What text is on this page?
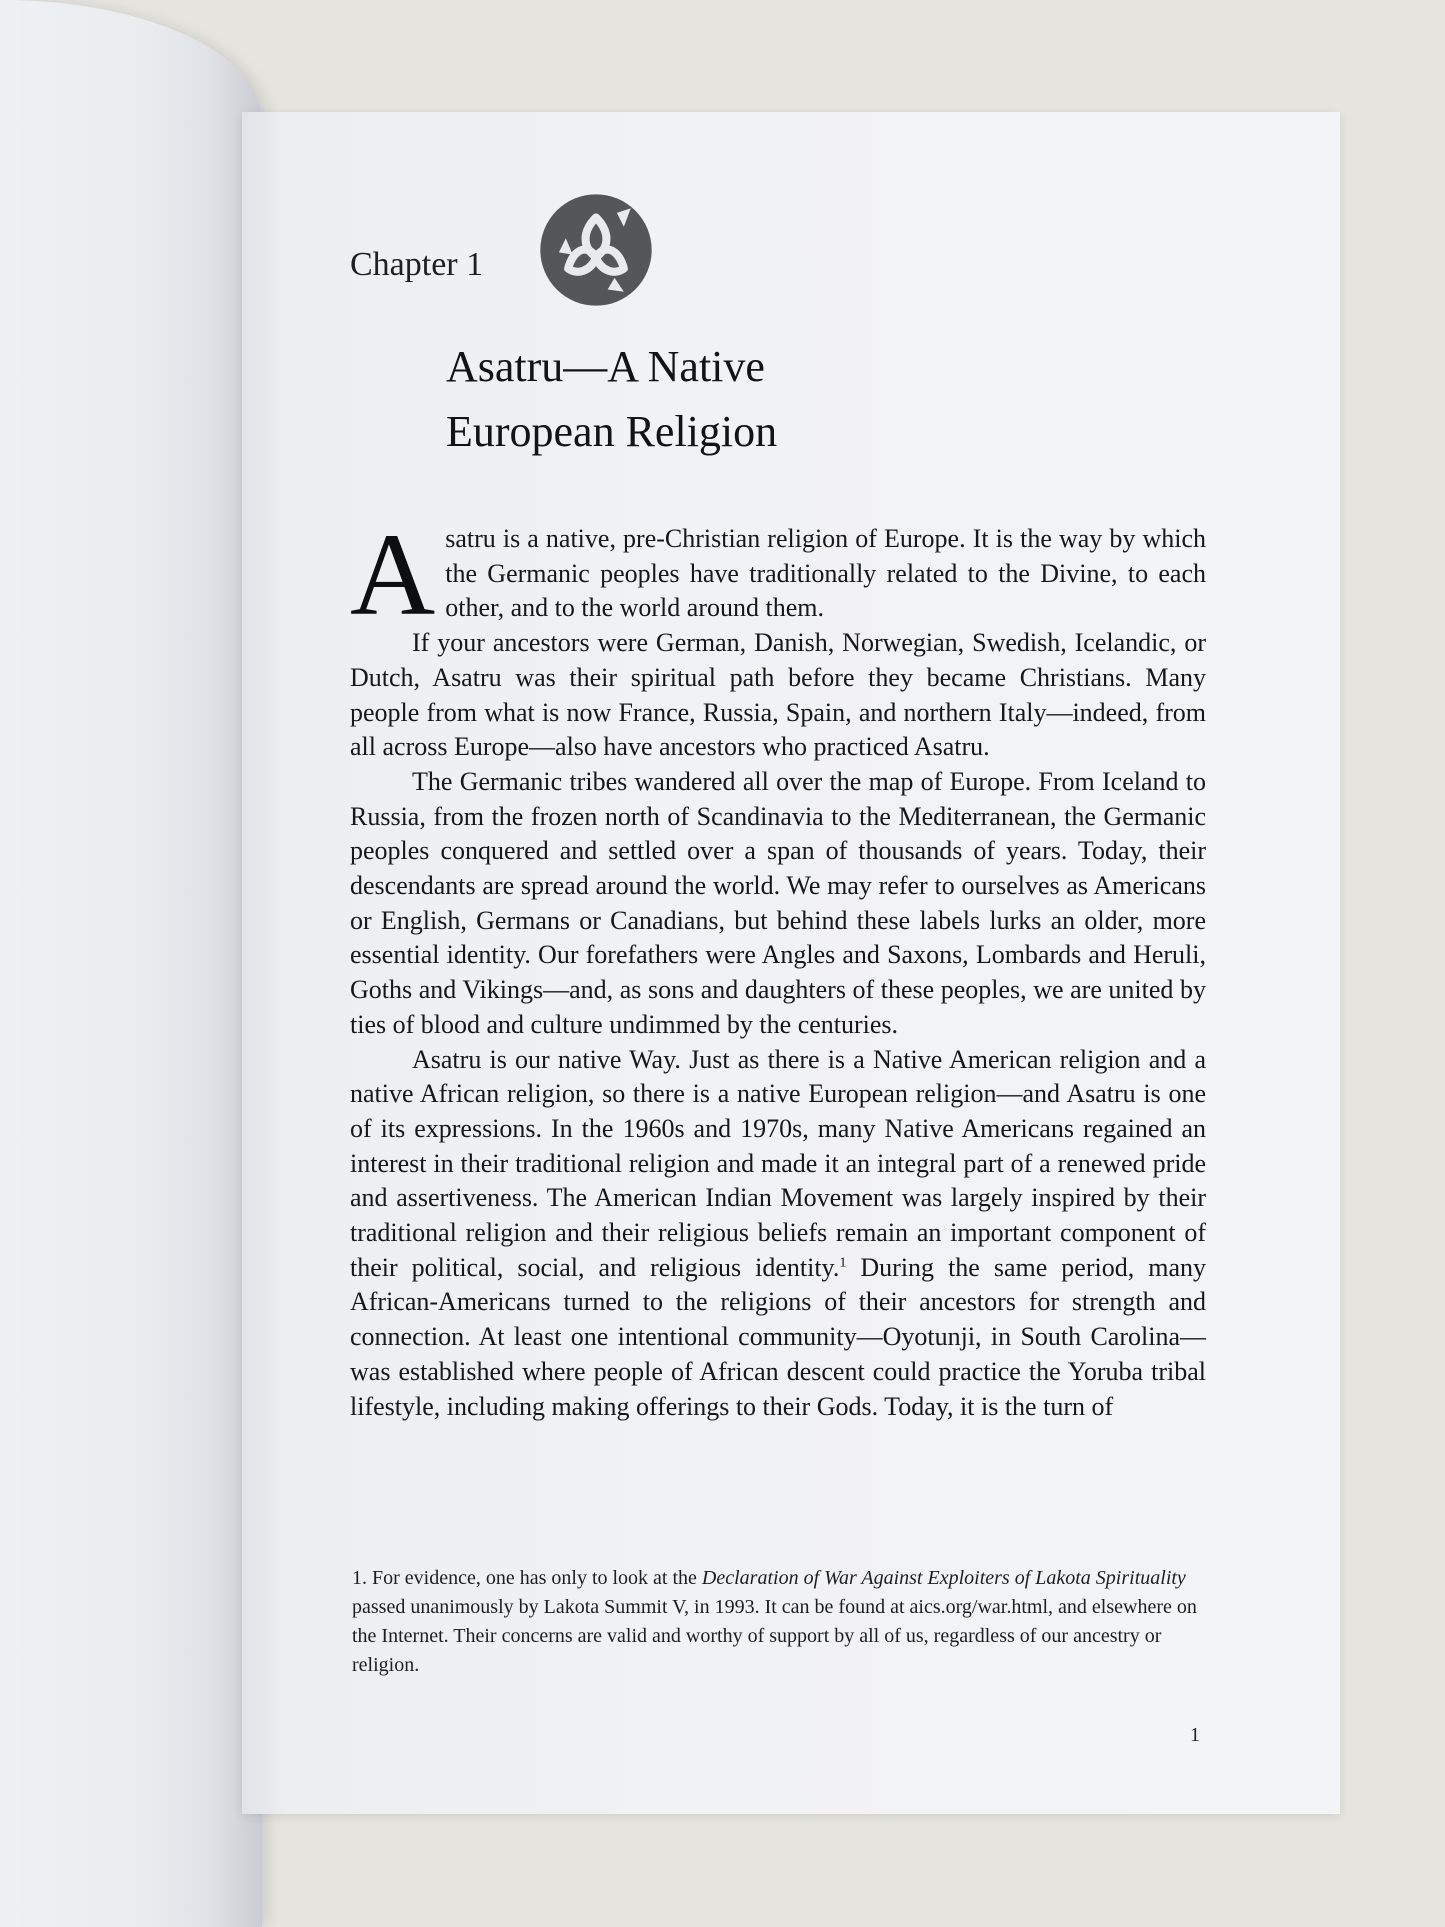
Chapter 1
Asatru—A Native
European Religion

Asatru is a native, pre-Christian religion of Europe. It is the way by which the Germanic peoples have traditionally related to the Divine, to each other, and to the world around them.

If your ancestors were German, Danish, Norwegian, Swedish, Icelandic, or Dutch, Asatru was their spiritual path before they became Christians. Many people from what is now France, Russia, Spain, and northern Italy—indeed, from all across Europe—also have ancestors who practiced Asatru.

The Germanic tribes wandered all over the map of Europe. From Iceland to Russia, from the frozen north of Scandinavia to the Mediterranean, the Germanic peoples conquered and settled over a span of thousands of years. Today, their descendants are spread around the world. We may refer to ourselves as Americans or English, Germans or Canadians, but behind these labels lurks an older, more essential identity. Our forefathers were Angles and Saxons, Lombards and Heruli, Goths and Vikings—and, as sons and daughters of these peoples, we are united by ties of blood and culture undimmed by the centuries.

Asatru is our native Way. Just as there is a Native American religion and a native African religion, so there is a native European religion—and Asatru is one of its expressions. In the 1960s and 1970s, many Native Americans regained an interest in their traditional religion and made it an integral part of a renewed pride and assertiveness. The American Indian Movement was largely inspired by their traditional religion and their religious beliefs remain an important component of their political, social, and religious identity.$^1$ During the same period, many African-Americans turned to the religions of their ancestors for strength and connection. At least one intentional community—Oyotunji, in South Carolina—was established where people of African descent could practice the Yoruba tribal lifestyle, including making offerings to their Gods. Today, it is the turn of

1. For evidence, one has only to look at the Declaration of War Against Exploiters of Lakota Spirituality passed unanimously by Lakota Summit V, in 1993. It can be found at aics.org/war.html, and elsewhere on the Internet. Their concerns are valid and worthy of support by all of us, regardless of our ancestry or religion.

1
